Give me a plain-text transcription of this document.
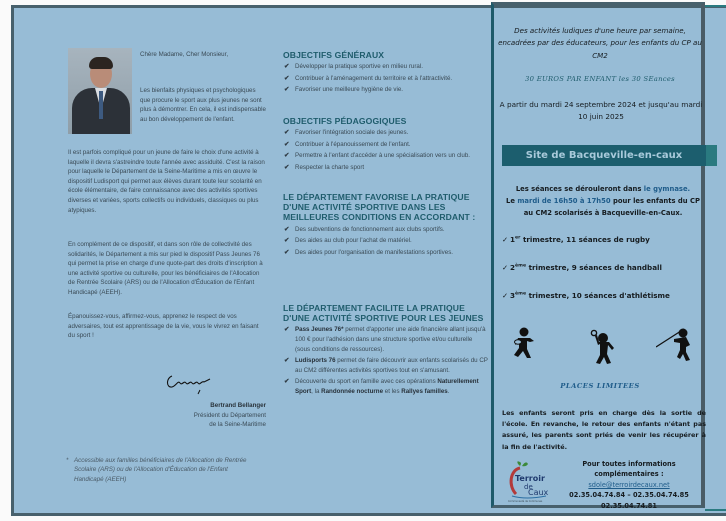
Chère Madame, Cher Monsieur,
Les bienfaits physiques et psychologiques que procure le sport aux plus jeunes ne sont plus à démontrer. En cela, il est indispensable au bon développement de l'enfant.
Il est parfois compliqué pour un jeune de faire le choix d'une activité à laquelle il devra s'astreindre toute l'année avec assiduité. C'est la raison pour laquelle le Département de la Seine-Maritime a mis en œuvre le dispositif Ludisport qui permet aux élèves durant toute leur scolarité en école élémentaire, de faire connaissance avec des activités sportives diverses et variées, sports collectifs ou individuels, classiques ou plus atypiques.
En complément de ce dispositif, et dans son rôle de collectivité des solidarités, le Département a mis sur pied le dispositif Pass Jeunes 76 qui permet la prise en charge d'une quote-part des droits d'inscription à une activité sportive ou culturelle, pour les bénéficiaires de l'Allocation de Rentrée Scolaire (ARS) ou de l'Allocation d'Éducation de l'Enfant Handicapé (AEEH).
Épanouissez-vous, affirmez-vous, apprenez le respect de vos adversaires, tout est apprentissage de la vie, vous le vivrez en faisant du sport !
Bertrand Bellanger
Président du Département
de la Seine-Maritime
* Accessible aux familles bénéficiaires de l'Allocation de Rentrée Scolaire (ARS) ou de l'Allocation d'Éducation de l'Enfant Handicapé (AEEH)
OBJECTIFS GÉNÉRAUX
✔ Développer la pratique sportive en milieu rural.
✔ Contribuer à l'aménagement du territoire et à l'attractivité.
✔ Favoriser une meilleure hygiène de vie.
OBJECTIFS PÉDAGOGIQUES
✔ Favoriser l'intégration sociale des jeunes.
✔ Contribuer à l'épanouissement de l'enfant.
✔ Permettre à l'enfant d'accéder à une spécialisation vers un club.
✔ Respecter la charte sport
LE DÉPARTEMENT FAVORISE LA PRATIQUE D'UNE ACTIVITÉ SPORTIVE DANS LES MEILLEURES CONDITIONS EN ACCORDANT :
✔ Des subventions de fonctionnement aux clubs sportifs.
✔ Des aides au club pour l'achat de matériel.
✔ Des aides pour l'organisation de manifestations sportives.
LE DÉPARTEMENT FACILITE LA PRATIQUE D'UNE ACTIVITÉ SPORTIVE POUR LES JEUNES
✔ Pass Jeunes 76* permet d'apporter une aide financière allant jusqu'à 100 € pour l'adhésion dans une structure sportive et/ou culturelle (sous conditions de ressources).
✔ Ludisports 76 permet de faire découvrir aux enfants scolarisés du CP au CM2 différentes activités sportives tout en s'amusant.
✔ Découverte du sport en famille avec ces opérations Naturellement Sport, la Randonnée nocturne et les Rallyes familles.
Des activités ludiques d'une heure par semaine, encadrées par des éducateurs, pour les enfants du CP au CM2
30 EUROS PAR ENFANT les 30 SEances
A partir du mardi 24 septembre 2024 et jusqu'au mardi 10 juin 2025
Site de Bacqueville-en-caux
Les séances se dérouleront dans le gymnase.
Le mardi de 16h50 à 17h50 pour les enfants du CP
au CM2 scolarisés à Bacqueville-en-Caux.
✓ 1er trimestre, 11 séances de rugby
✓ 2ème trimestre, 9 séances de handball
✓ 3ème trimestre, 10 séances d'athlétisme
PLACES LIMITEES
Les enfants seront pris en charge dès la sortie de l'école. En revanche, le retour des enfants n'étant pas assuré, les parents sont priés de venir les récupérer à la fin de l'activité.
Terroir
de
Caux
Communauté de Communes
Pour toutes informations complémentaires :
sdole@terroirdecaux.net
02.35.04.74.84 – 02.35.04.74.85
02.35.04.74.81
